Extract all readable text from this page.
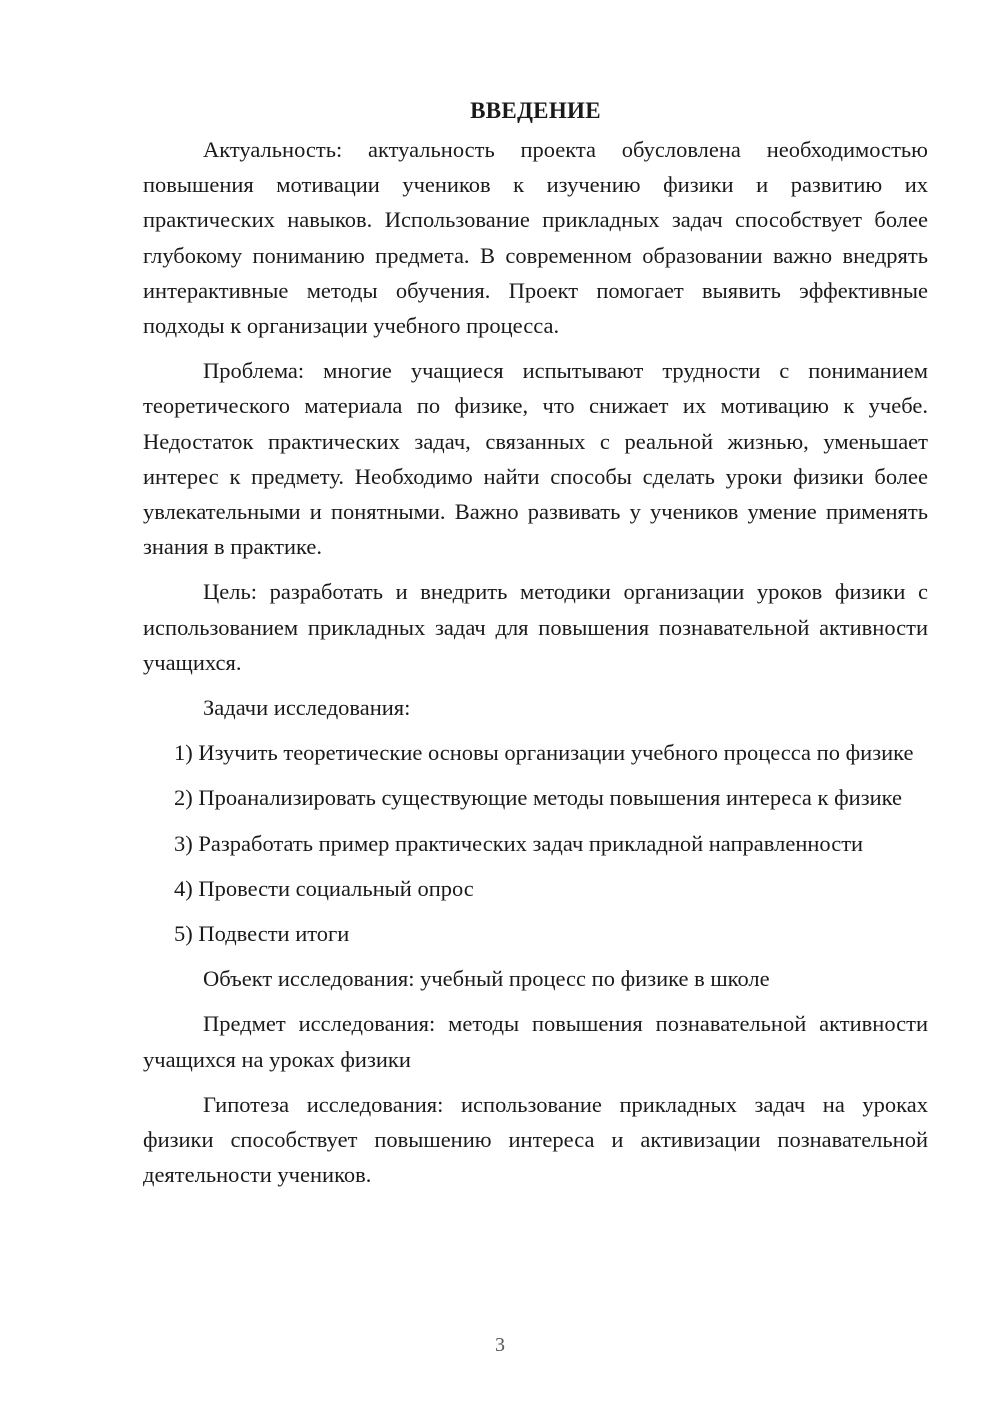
ВВЕДЕНИЕ

Актуальность: актуальность проекта обусловлена необходимостью повышения мотивации учеников к изучению физики и развитию их практических навыков. Использование прикладных задач способствует более глубокому пониманию предмета. В современном образовании важно внедрять интерактивные методы обучения. Проект помогает выявить эффективные подходы к организации учебного процесса.

Проблема: многие учащиеся испытывают трудности с пониманием теоретического материала по физике, что снижает их мотивацию к учебе. Недостаток практических задач, связанных с реальной жизнью, уменьшает интерес к предмету. Необходимо найти способы сделать уроки физики более увлекательными и понятными. Важно развивать у учеников умение применять знания в практике.

Цель: разработать и внедрить методики организации уроков физики с использованием прикладных задач для повышения познавательной активности учащихся.

Задачи исследования:

1) Изучить теоретические основы организации учебного процесса по физике

2) Проанализировать существующие методы повышения интереса к физике

3) Разработать пример практических задач прикладной направленности

4) Провести социальный опрос

5) Подвести итоги

Объект исследования: учебный процесс по физике в школе

Предмет исследования: методы повышения познавательной активности учащихся на уроках физики

Гипотеза исследования: использование прикладных задач на уроках физики способствует повышению интереса и активизации познавательной деятельности учеников.

3
